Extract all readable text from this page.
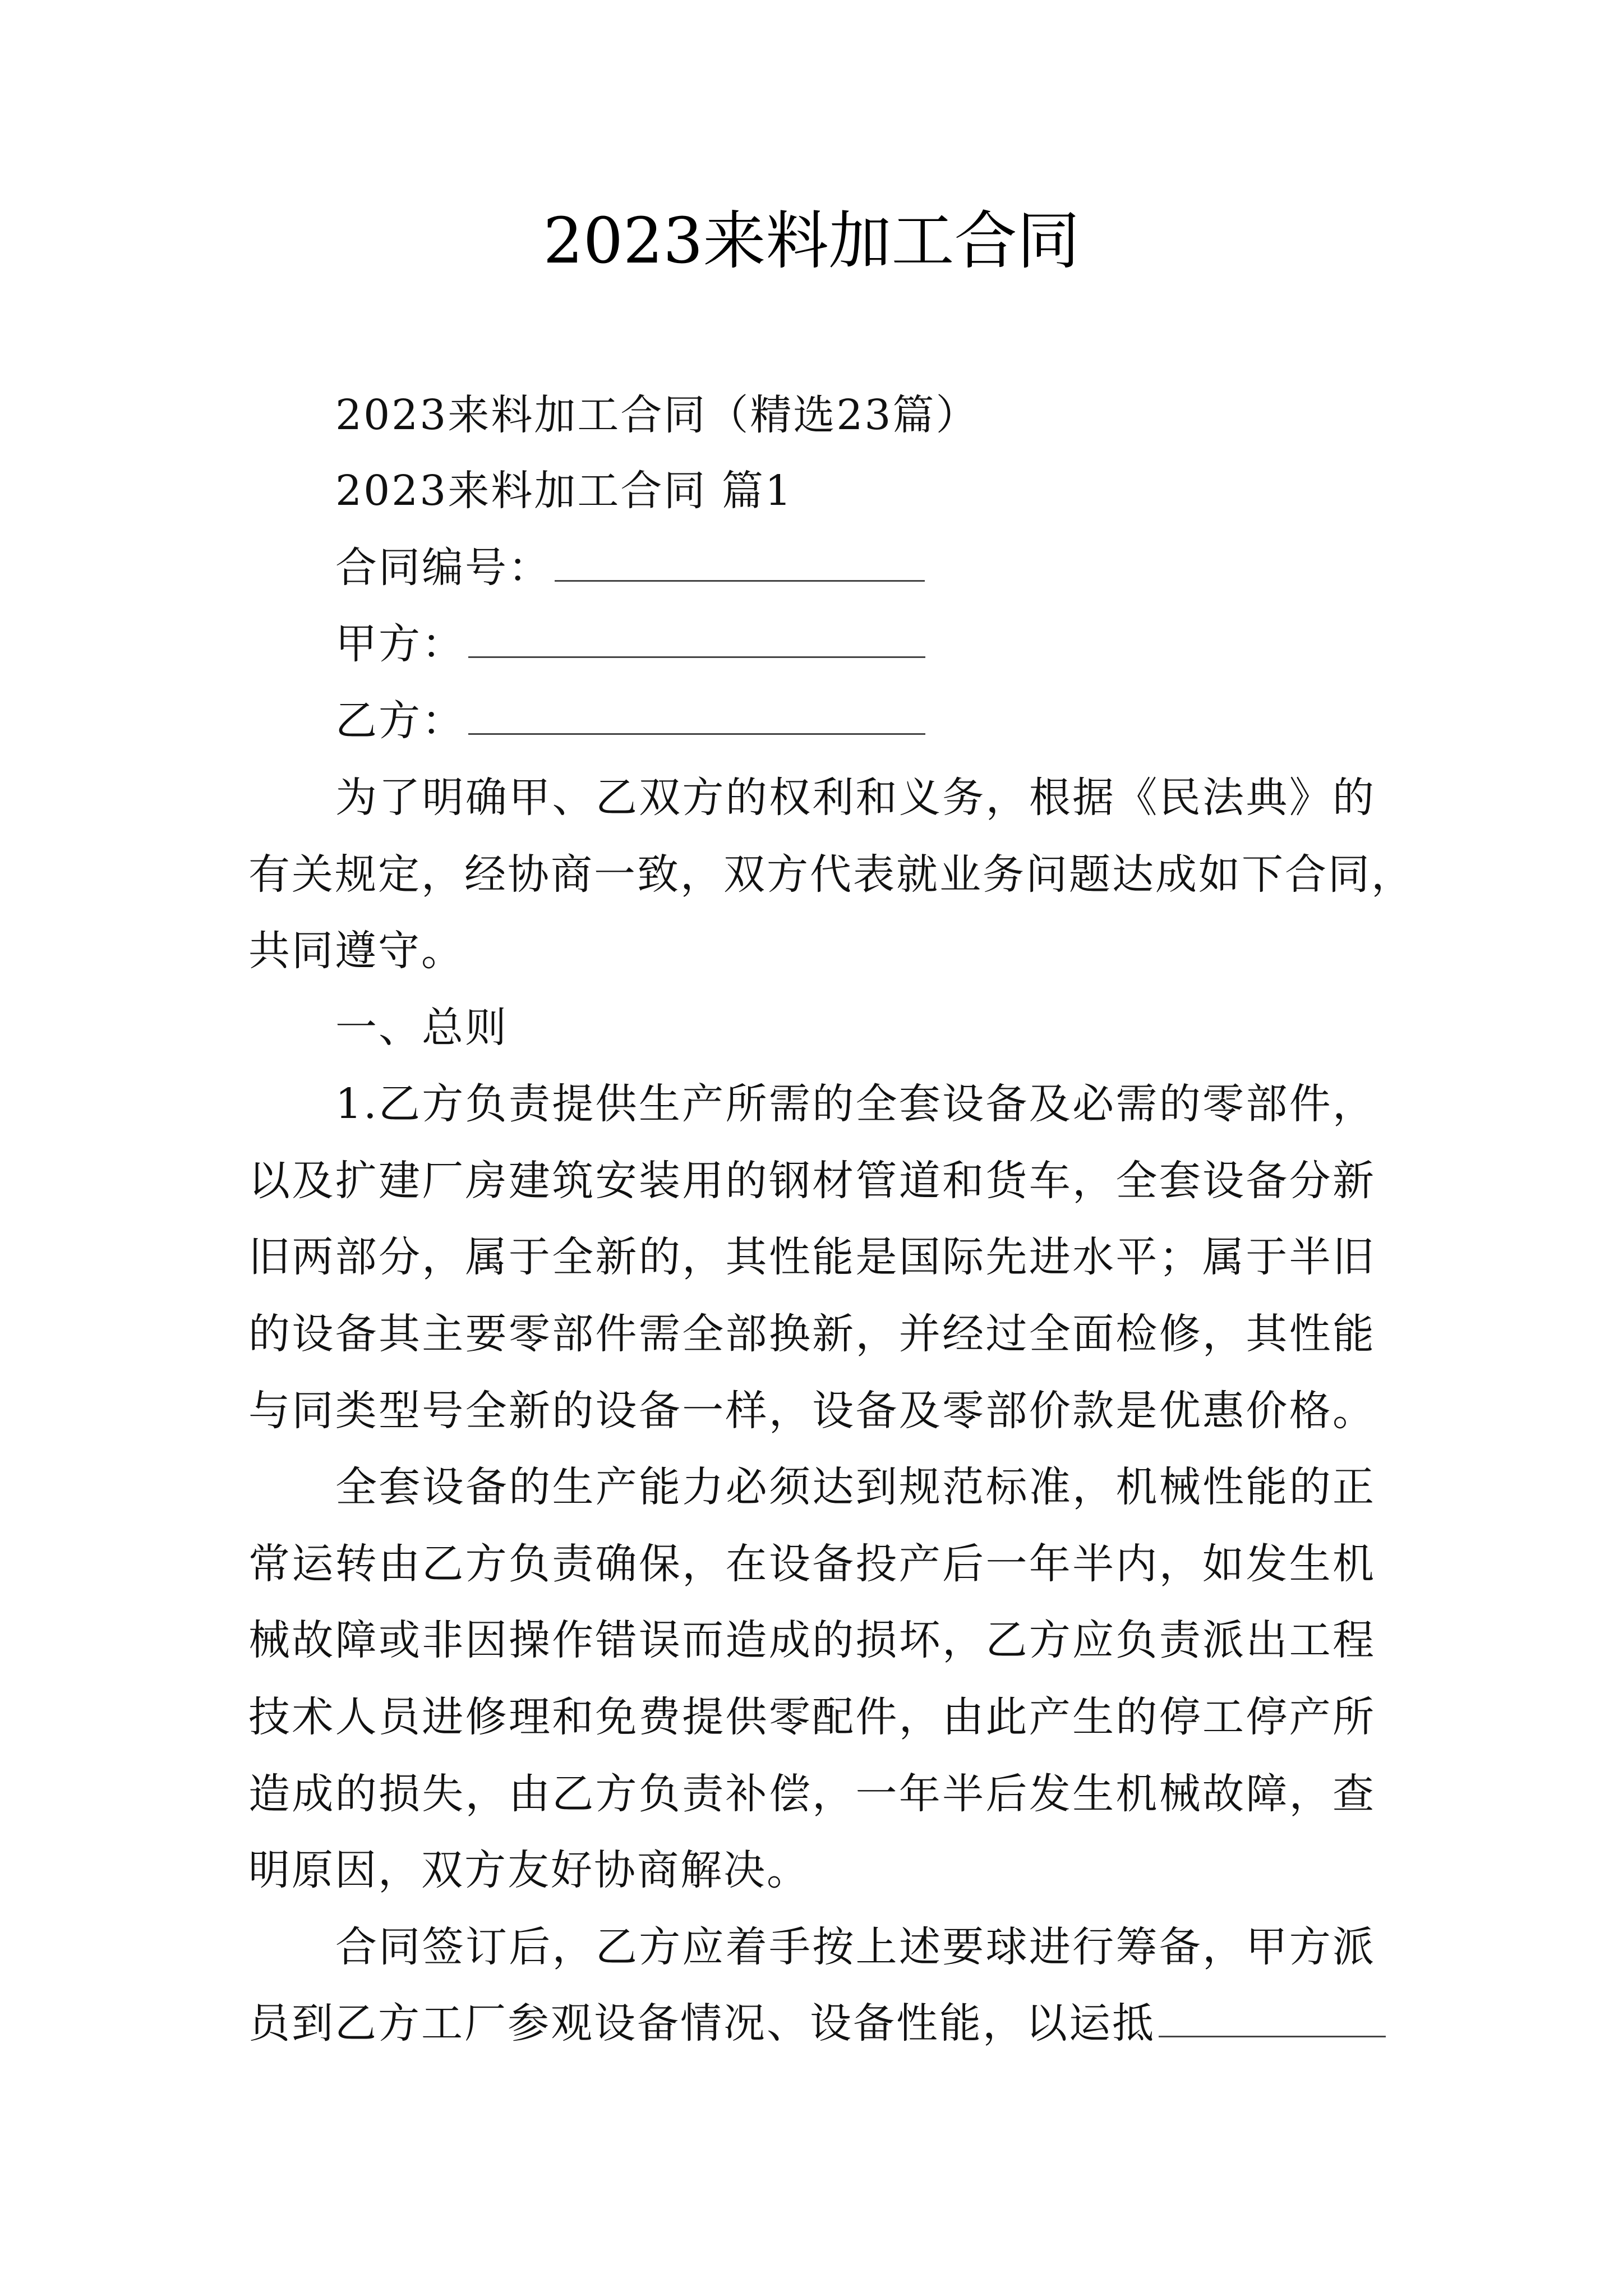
2023来料加工合同
2023来料加工合同（精选23篇）
2023来料加工合同 篇1
合同编号：
甲方：
乙方：
为了明确甲、乙双方的权利和义务，根据《民法典》的
有关规定，经协商一致，双方代表就业务问题达成如下合同，
共同遵守。
一、总则
1.乙方负责提供生产所需的全套设备及必需的零部件，
以及扩建厂房建筑安装用的钢材管道和货车，全套设备分新
旧两部分，属于全新的，其性能是国际先进水平；属于半旧
的设备其主要零部件需全部换新，并经过全面检修，其性能
与同类型号全新的设备一样，设备及零部价款是优惠价格。
全套设备的生产能力必须达到规范标准，机械性能的正
常运转由乙方负责确保，在设备投产后一年半内，如发生机
械故障或非因操作错误而造成的损坏，乙方应负责派出工程
技术人员进修理和免费提供零配件，由此产生的停工停产所
造成的损失，由乙方负责补偿，一年半后发生机械故障，查
明原因，双方友好协商解决。
合同签订后，乙方应着手按上述要球进行筹备，甲方派
员到乙方工厂参观设备情况、设备性能，以运抵
